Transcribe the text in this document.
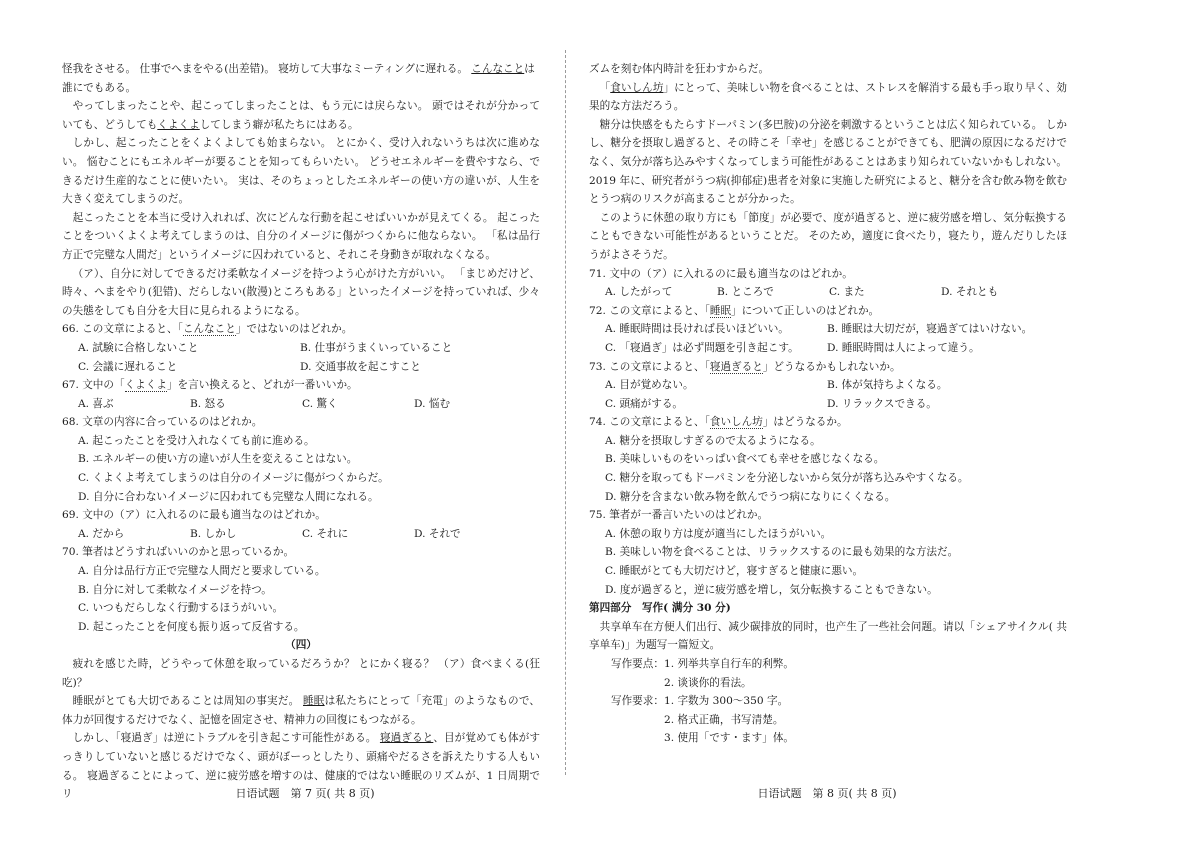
怪我をさせる。 仕事でへまをやる(出差错)。 寝坊して大事なミーティングに遅れる。 こんなことは誰にでもある。

やってしまったことや、起こってしまったことは、もう元には戻らない。 頭ではそれが分かっていても、どうしてもくよくよしてしまう癖が私たちにはある。

しかし、起こったことをくよくよしても始まらない。 とにかく、受け入れないうちは次に進めない。 悩むことにもエネルギーが要ることを知ってもらいたい。 どうせエネルギーを費やすなら、できるだけ生産的なことに使いたい。 実は、そのちょっとしたエネルギーの使い方の違いが、人生を大きく変えてしまうのだ。

起こったことを本当に受け入れれば、次にどんな行動を起こせばいいかが見えてくる。 起こったことをついくよくよ考えてしまうのは、自分のイメージに傷がつくからに他ならない。 「私は品行方正で完璧な人間だ」というイメージに囚われていると、それこそ身動きが取れなくなる。

（ア）、自分に対してできるだけ柔軟なイメージを持つよう心がけた方がいい。 「まじめだけど、時々、へまをやり(犯错)、だらしない(散漫)ところもある」といったイメージを持っていれば、少々の失態をしても自分を大目に見られるようになる。

66. この文章によると、「こんなこと」ではないのはどれか。

A. 試験に合格しないこと	B. 仕事がうまくいっていること
C. 会議に遅れること	D. 交通事故を起こすこと

67. 文中の「くよくよ」を言い換えると、どれが一番いいか。

A. 喜ぶ	B. 怒る	C. 驚く	D. 悩む

68. 文章の内容に合っているのはどれか。

A. 起こったことを受け入れなくても前に進める。

B. エネルギーの使い方の違いが人生を変えることはない。

C. くよくよ考えてしまうのは自分のイメージに傷がつくからだ。

D. 自分に合わないイメージに囚われても完璧な人間になれる。

69. 文中の（ア）に入れるのに最も適当なのはどれか。

A. だから	B. しかし	C. それに	D. それで

70. 筆者はどうすればいいのかと思っているか。

A. 自分は品行方正で完璧な人間だと要求している。

B. 自分に対して柔軟なイメージを持つ。

C. いつもだらしなく行動するほうがいい。

D. 起こったことを何度も振り返って反省する。

（四）

疲れを感じた時，どうやって休憩を取っているだろうか？ とにかく寝る？ （ア）食べまくる(狂吃)？

睡眠がとても大切であることは周知の事実だ。 睡眠は私たちにとって「充電」のようなもので、体力が回復するだけでなく、記憶を固定させ、精神力の回復にもつながる。

しかし、「寝過ぎ」は逆にトラブルを引き起こす可能性がある。 寝過ぎると、目が覚めても体がすっきりしていないと感じるだけでなく、頭がぼーっとしたり、頭痛やだるさを訴えたりする人もいる。 寝過ぎることによって、逆に疲労感を増すのは、健康的ではない睡眠のリズムが、1 日周期でリ

ズムを刻む体内時計を狂わすからだ。

「食いしん坊」にとって、美味しい物を食べることは、ストレスを解消する最も手っ取り早く、効果的な方法だろう。

糖分は快感をもたらすドーパミン(多巴胺)の分泌を刺激するということは広く知られている。 しかし、糖分を摂取し過ぎると、その時こそ「幸せ」を感じることができても、肥満の原因になるだけでなく、気分が落ち込みやすくなってしまう可能性があることはあまり知られていないかもしれない。 2019 年に、研究者がうつ病(抑郁症)患者を対象に実施した研究によると、糖分を含む飲み物を飲むとうつ病のリスクが高まることが分かった。

このように休憩の取り方にも「節度」が必要で、度が過ぎると、逆に疲労感を増し、気分転換することもできない可能性があるということだ。 そのため，適度に食べたり，寝たり，遊んだりしたほうがよさそうだ。

71. 文中の（ア）に入れるのに最も適当なのはどれか。

A. したがって	B. ところで	C. また	D. それとも

72. この文章によると、「睡眠」について正しいのはどれか。

A. 睡眠時間は長ければ長いほどいい。	B. 睡眠は大切だが，寝過ぎてはいけない。
C. 「寝過ぎ」は必ず問題を引き起こす。	D. 睡眠時間は人によって違う。

73. この文章によると、「寝過ぎると」どうなるかもしれないか。

A. 目が覚めない。	B. 体が気持ちよくなる。
C. 頭痛がする。	D. リラックスできる。

74. この文章によると、「食いしん坊」はどうなるか。

A. 糖分を摂取しすぎるので太るようになる。

B. 美味しいものをいっぱい食べても幸せを感じなくなる。

C. 糖分を取ってもドーパミンを分泌しないから気分が落ち込みやすくなる。

D. 糖分を含まない飲み物を飲んでうつ病になりにくくなる。

75. 筆者が一番言いたいのはどれか。

A. 休憩の取り方は度が適当にしたほうがいい。

B. 美味しい物を食べることは、リラックスするのに最も効果的な方法だ。

C. 睡眠がとても大切だけど，寝すぎると健康に悪い。

D. 度が過ぎると，逆に疲労感を増し，気分転換することもできない。

第四部分　写作( 满分 30 分)

共享单车在方便人们出行、减少碳排放的同时，也产生了一些社会问题。请以「シェアサイクル( 共享单车)」为题写一篇短文。

写作要点：1. 列举共享自行车的利弊。

2. 谈谈你的看法。

写作要求：1. 字数为 300～350 字。

2. 格式正确，书写清楚。

3. 使用「です・ます」体。

日语试题　第 7 页( 共 8 页)	日语试题　第 8 页( 共 8 页)
